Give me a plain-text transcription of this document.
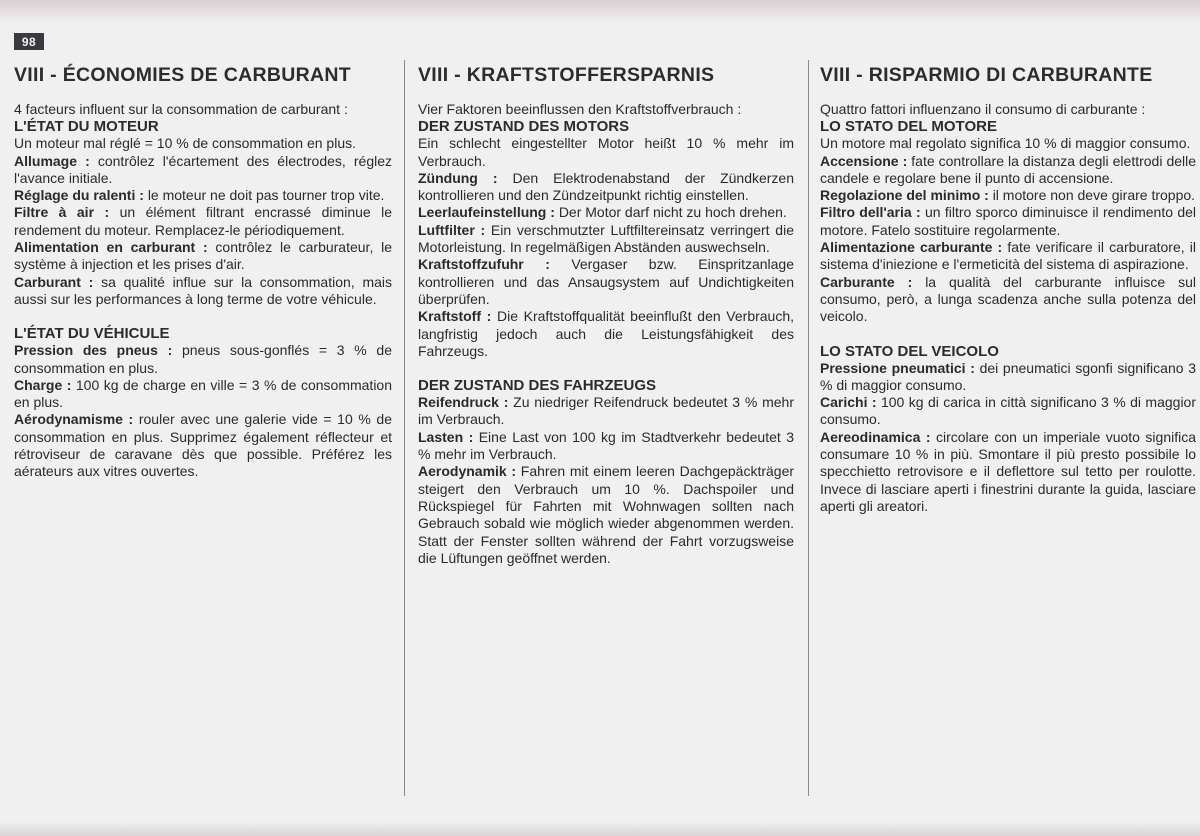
98
VIII - ÉCONOMIES DE CARBURANT

4 facteurs influent sur la consommation de carburant :

L'ÉTAT DU MOTEUR

Un moteur mal réglé = 10 % de consommation en plus.

Allumage : contrôlez l'écartement des électrodes, réglez l'avance initiale.

Réglage du ralenti : le moteur ne doit pas tourner trop vite.

Filtre à air : un élément filtrant encrassé diminue le rendement du moteur. Remplacez-le périodiquement.

Alimentation en carburant : contrôlez le carburateur, le système à injection et les prises d'air.

Carburant : sa qualité influe sur la consommation, mais aussi sur les performances à long terme de votre véhicule.

L'ÉTAT DU VÉHICULE

Pression des pneus : pneus sous-gonflés = 3 % de consommation en plus.

Charge : 100 kg de charge en ville = 3 % de consommation en plus.

Aérodynamisme : rouler avec une galerie vide = 10 % de consommation en plus. Supprimez également réflecteur et rétroviseur de caravane dès que possible. Préférez les aérateurs aux vitres ouvertes.

VIII - KRAFTSTOFFERSPARNIS

Vier Faktoren beeinflussen den Kraftstoffverbrauch :

DER ZUSTAND DES MOTORS

Ein schlecht eingestellter Motor heißt 10 % mehr im Verbrauch.

Zündung : Den Elektrodenabstand der Zündkerzen kontrollieren und den Zündzeitpunkt richtig einstellen.

Leerlaufeinstellung : Der Motor darf nicht zu hoch drehen.

Luftfilter : Ein verschmutzter Luftfiltereinsatz verringert die Motorleistung. In regelmäßigen Abständen auswechseln.

Kraftstoffzufuhr : Vergaser bzw. Einspritzanlage kontrollieren und das Ansaugsystem auf Undichtigkeiten überprüfen.

Kraftstoff : Die Kraftstoffqualität beeinflußt den Verbrauch, langfristig jedoch auch die Leistungsfähigkeit des Fahrzeugs.

DER ZUSTAND DES FAHRZEUGS

Reifendruck : Zu niedriger Reifendruck bedeutet 3 % mehr im Verbrauch.

Lasten : Eine Last von 100 kg im Stadtverkehr bedeutet 3 % mehr im Verbrauch.

Aerodynamik : Fahren mit einem leeren Dachgepäckträger steigert den Verbrauch um 10 %. Dachspoiler und Rückspiegel für Fahrten mit Wohnwagen sollten nach Gebrauch sobald wie möglich wieder abgenommen werden. Statt der Fenster sollten während der Fahrt vorzugsweise die Lüftungen geöffnet werden.

VIII - RISPARMIO DI CARBURANTE

Quattro fattori influenzano il consumo di carburante :

LO STATO DEL MOTORE

Un motore mal regolato significa 10 % di maggior consumo.

Accensione : fate controllare la distanza degli elettrodi delle candele e regolare bene il punto di accensione.

Regolazione del minimo : il motore non deve girare troppo.

Filtro dell'aria : un filtro sporco diminuisce il rendimento del motore. Fatelo sostituire regolarmente.

Alimentazione carburante : fate verificare il carburatore, il sistema d'iniezione e l'ermeticità del sistema di aspirazione.

Carburante : la qualità del carburante influisce sul consumo, però, a lunga scadenza anche sulla potenza del veicolo.

LO STATO DEL VEICOLO

Pressione pneumatici : dei pneumatici sgonfi significano 3 % di maggior consumo.

Carichi : 100 kg di carica in città significano 3 % di maggior consumo.

Aereodinamica : circolare con un imperiale vuoto significa consumare 10 % in più. Smontare il più presto possibile lo specchietto retrovisore e il deflettore sul tetto per roulotte. Invece di lasciare aperti i finestrini durante la guida, lasciare aperti gli areatori.
